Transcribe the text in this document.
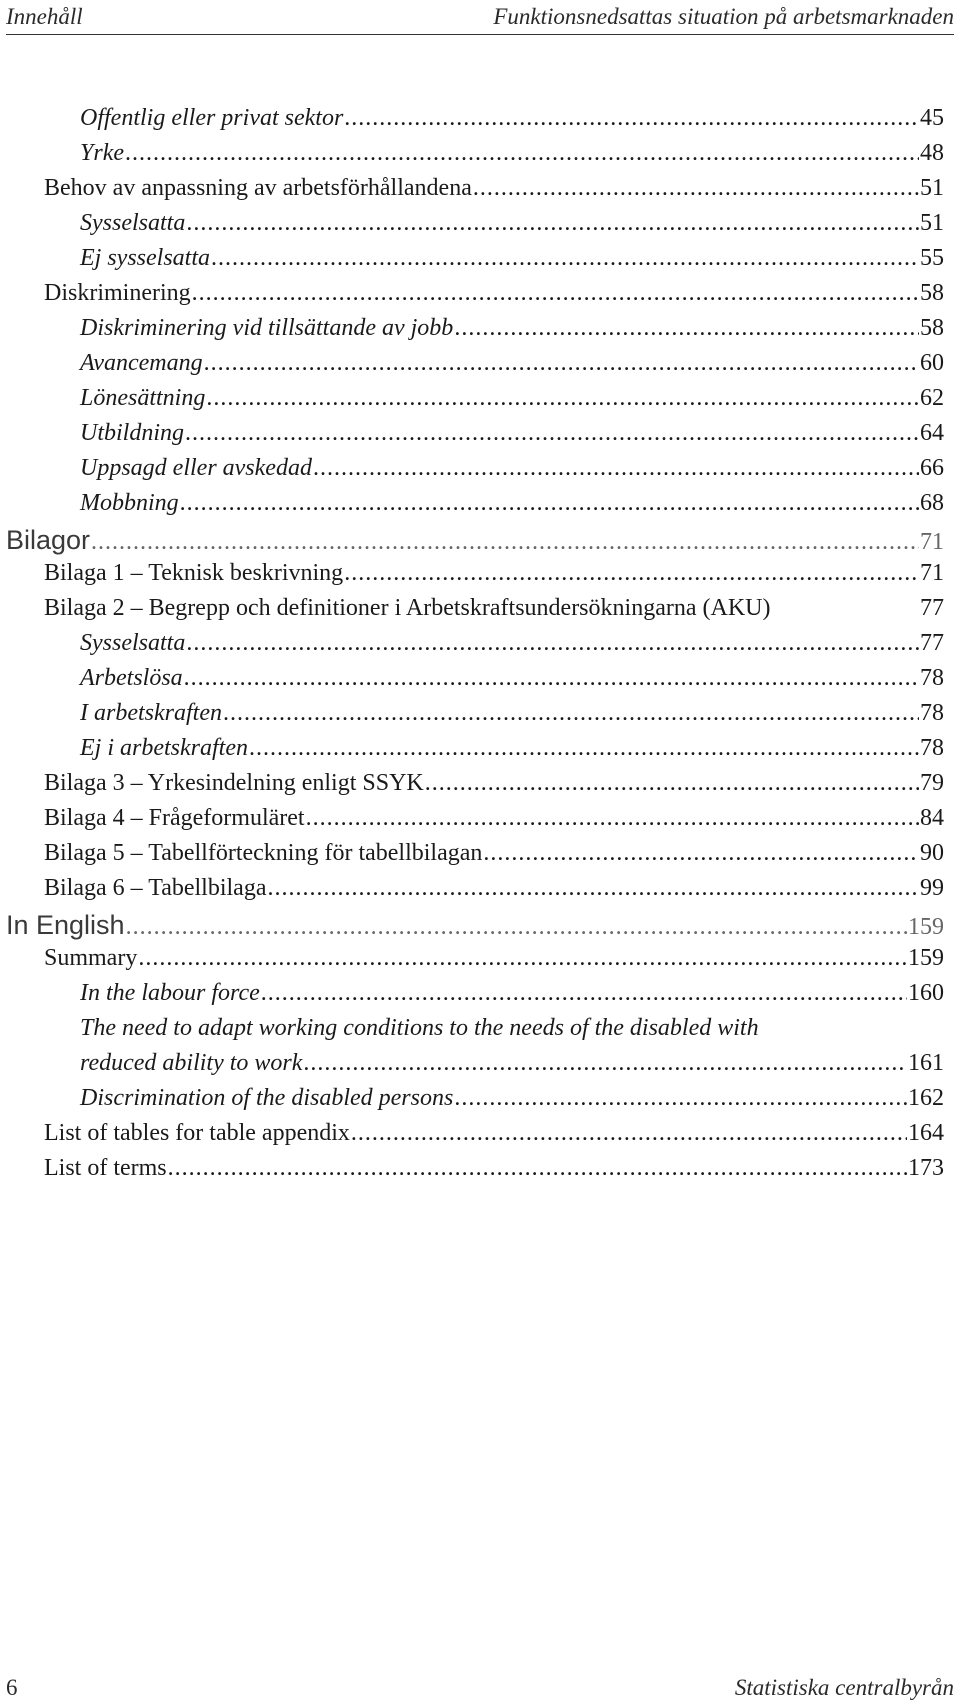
Innehåll	Funktionsnedsattas situation på arbetsmarknaden
Offentlig eller privat sektor .....	45
Yrke .....	48
Behov av anpassning av arbetsförhållandena .....	51
Sysselsatta .....	51
Ej sysselsatta .....	55
Diskriminering .....	58
Diskriminering vid tillsättande av jobb .....	58
Avancemang .....	60
Lönesättning .....	62
Utbildning .....	64
Uppsagd eller avskedad .....	66
Mobbning .....	68
Bilagor .....	71
Bilaga 1 – Teknisk beskrivning .....	71
Bilaga 2 – Begrepp och definitioner i Arbetskraftsundersökningarna (AKU)	77
Sysselsatta .....	77
Arbetslösa .....	78
I arbetskraften .....	78
Ej i arbetskraften .....	78
Bilaga 3 – Yrkesindelning enligt SSYK .....	79
Bilaga 4 – Frågeformuläret .....	84
Bilaga 5 – Tabellförteckning för tabellbilagan .....	90
Bilaga 6 – Tabellbilaga .....	99
In English .....	159
Summary .....	159
In the labour force .....	160
The need to adapt working conditions to the needs of the disabled with
reduced ability to work .....	161
Discrimination of the disabled persons .....	162
List of tables for table appendix .....	164
List of terms .....	173
6	Statistiska centralbyrån
